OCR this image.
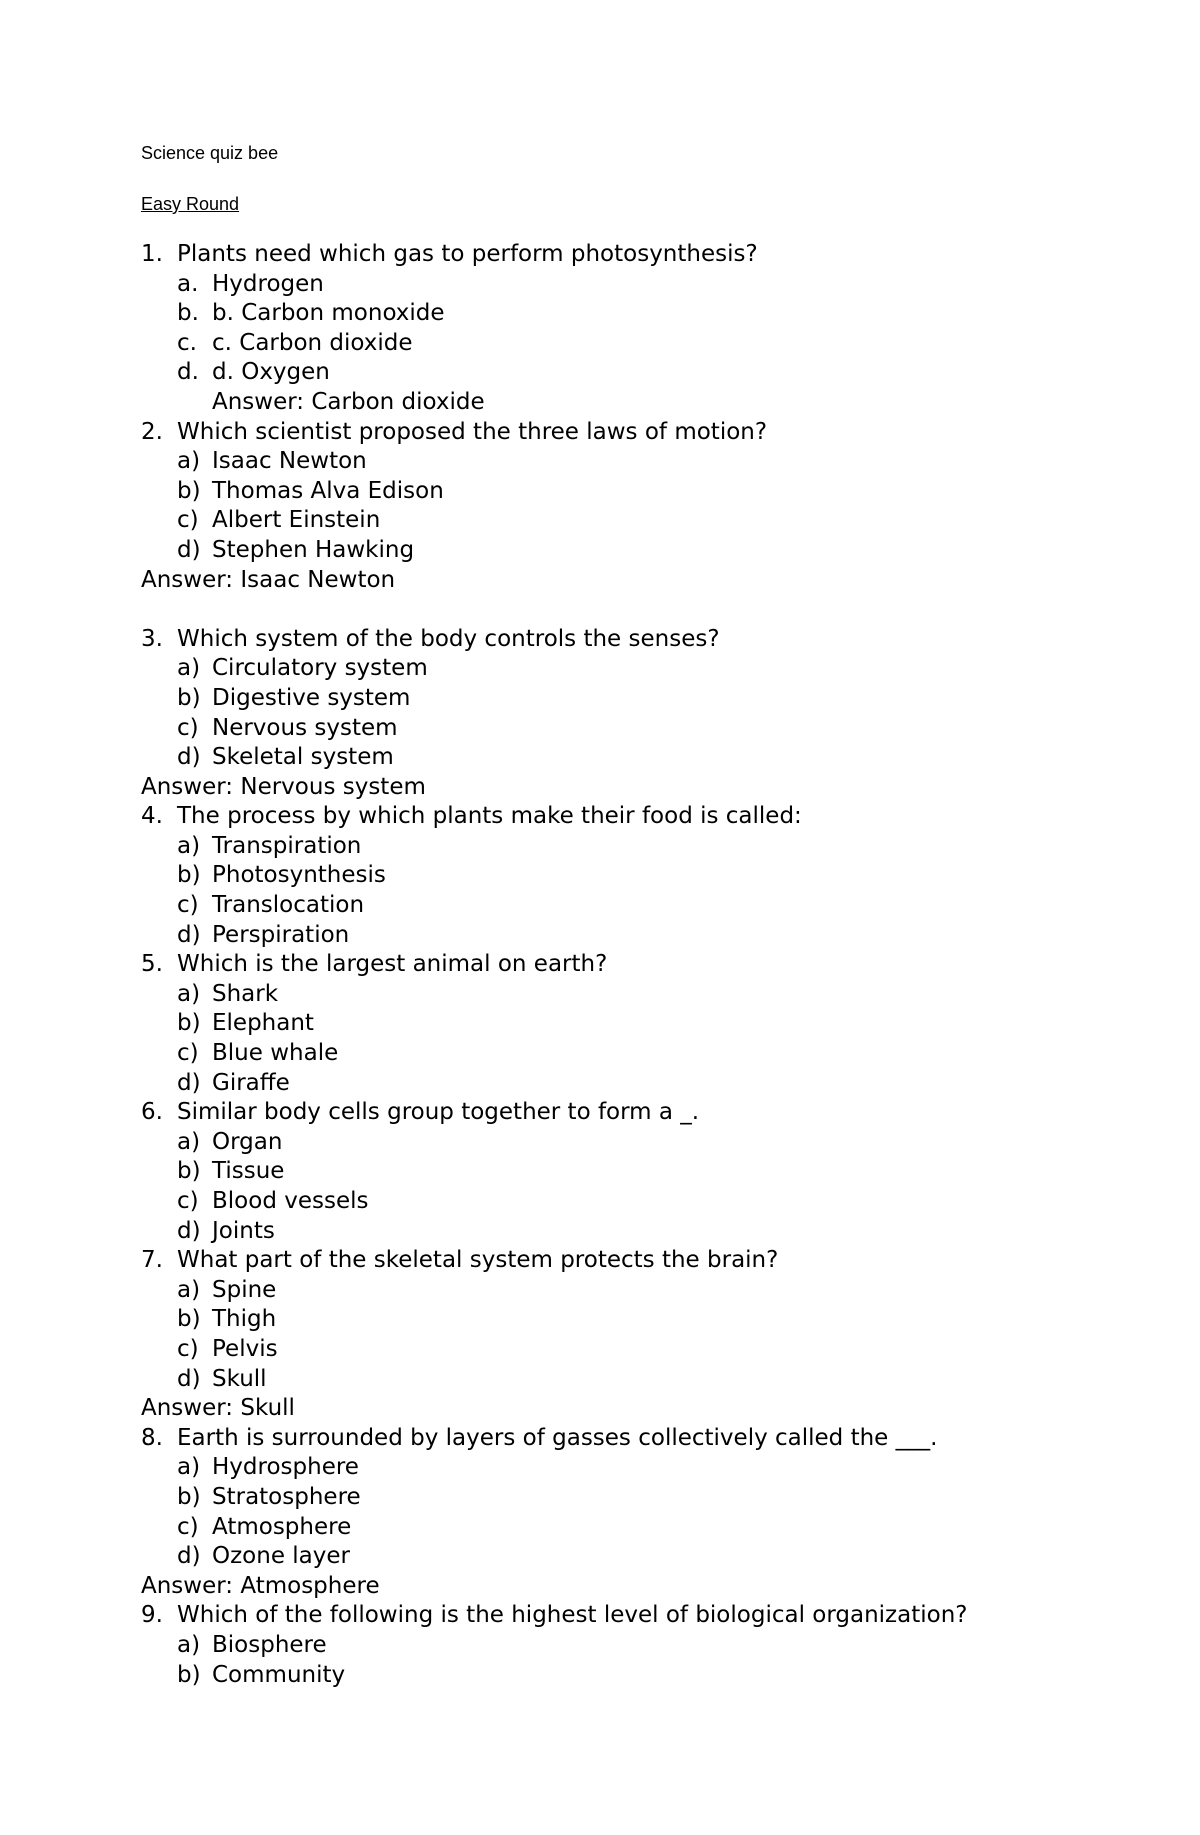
Science quiz bee
Easy Round
1. Plants need which gas to perform photosynthesis?
a. Hydrogen
b. b. Carbon monoxide
c. c. Carbon dioxide
d. d. Oxygen
Answer: Carbon dioxide
2. Which scientist proposed the three laws of motion?
a) Isaac Newton
b) Thomas Alva Edison
c) Albert Einstein
d) Stephen Hawking
Answer: Isaac Newton
3. Which system of the body controls the senses?
a) Circulatory system
b) Digestive system
c) Nervous system
d) Skeletal system
Answer: Nervous system
4. The process by which plants make their food is called:
a) Transpiration
b) Photosynthesis
c) Translocation
d) Perspiration
5. Which is the largest animal on earth?
a) Shark
b) Elephant
c) Blue whale
d) Giraffe
6. Similar body cells group together to form a _.
a) Organ
b) Tissue
c) Blood vessels
d) Joints
7. What part of the skeletal system protects the brain?
a) Spine
b) Thigh
c) Pelvis
d) Skull
Answer: Skull
8. Earth is surrounded by layers of gasses collectively called the ___.
a) Hydrosphere
b) Stratosphere
c) Atmosphere
d) Ozone layer
Answer: Atmosphere
9. Which of the following is the highest level of biological organization?
a) Biosphere
b) Community
